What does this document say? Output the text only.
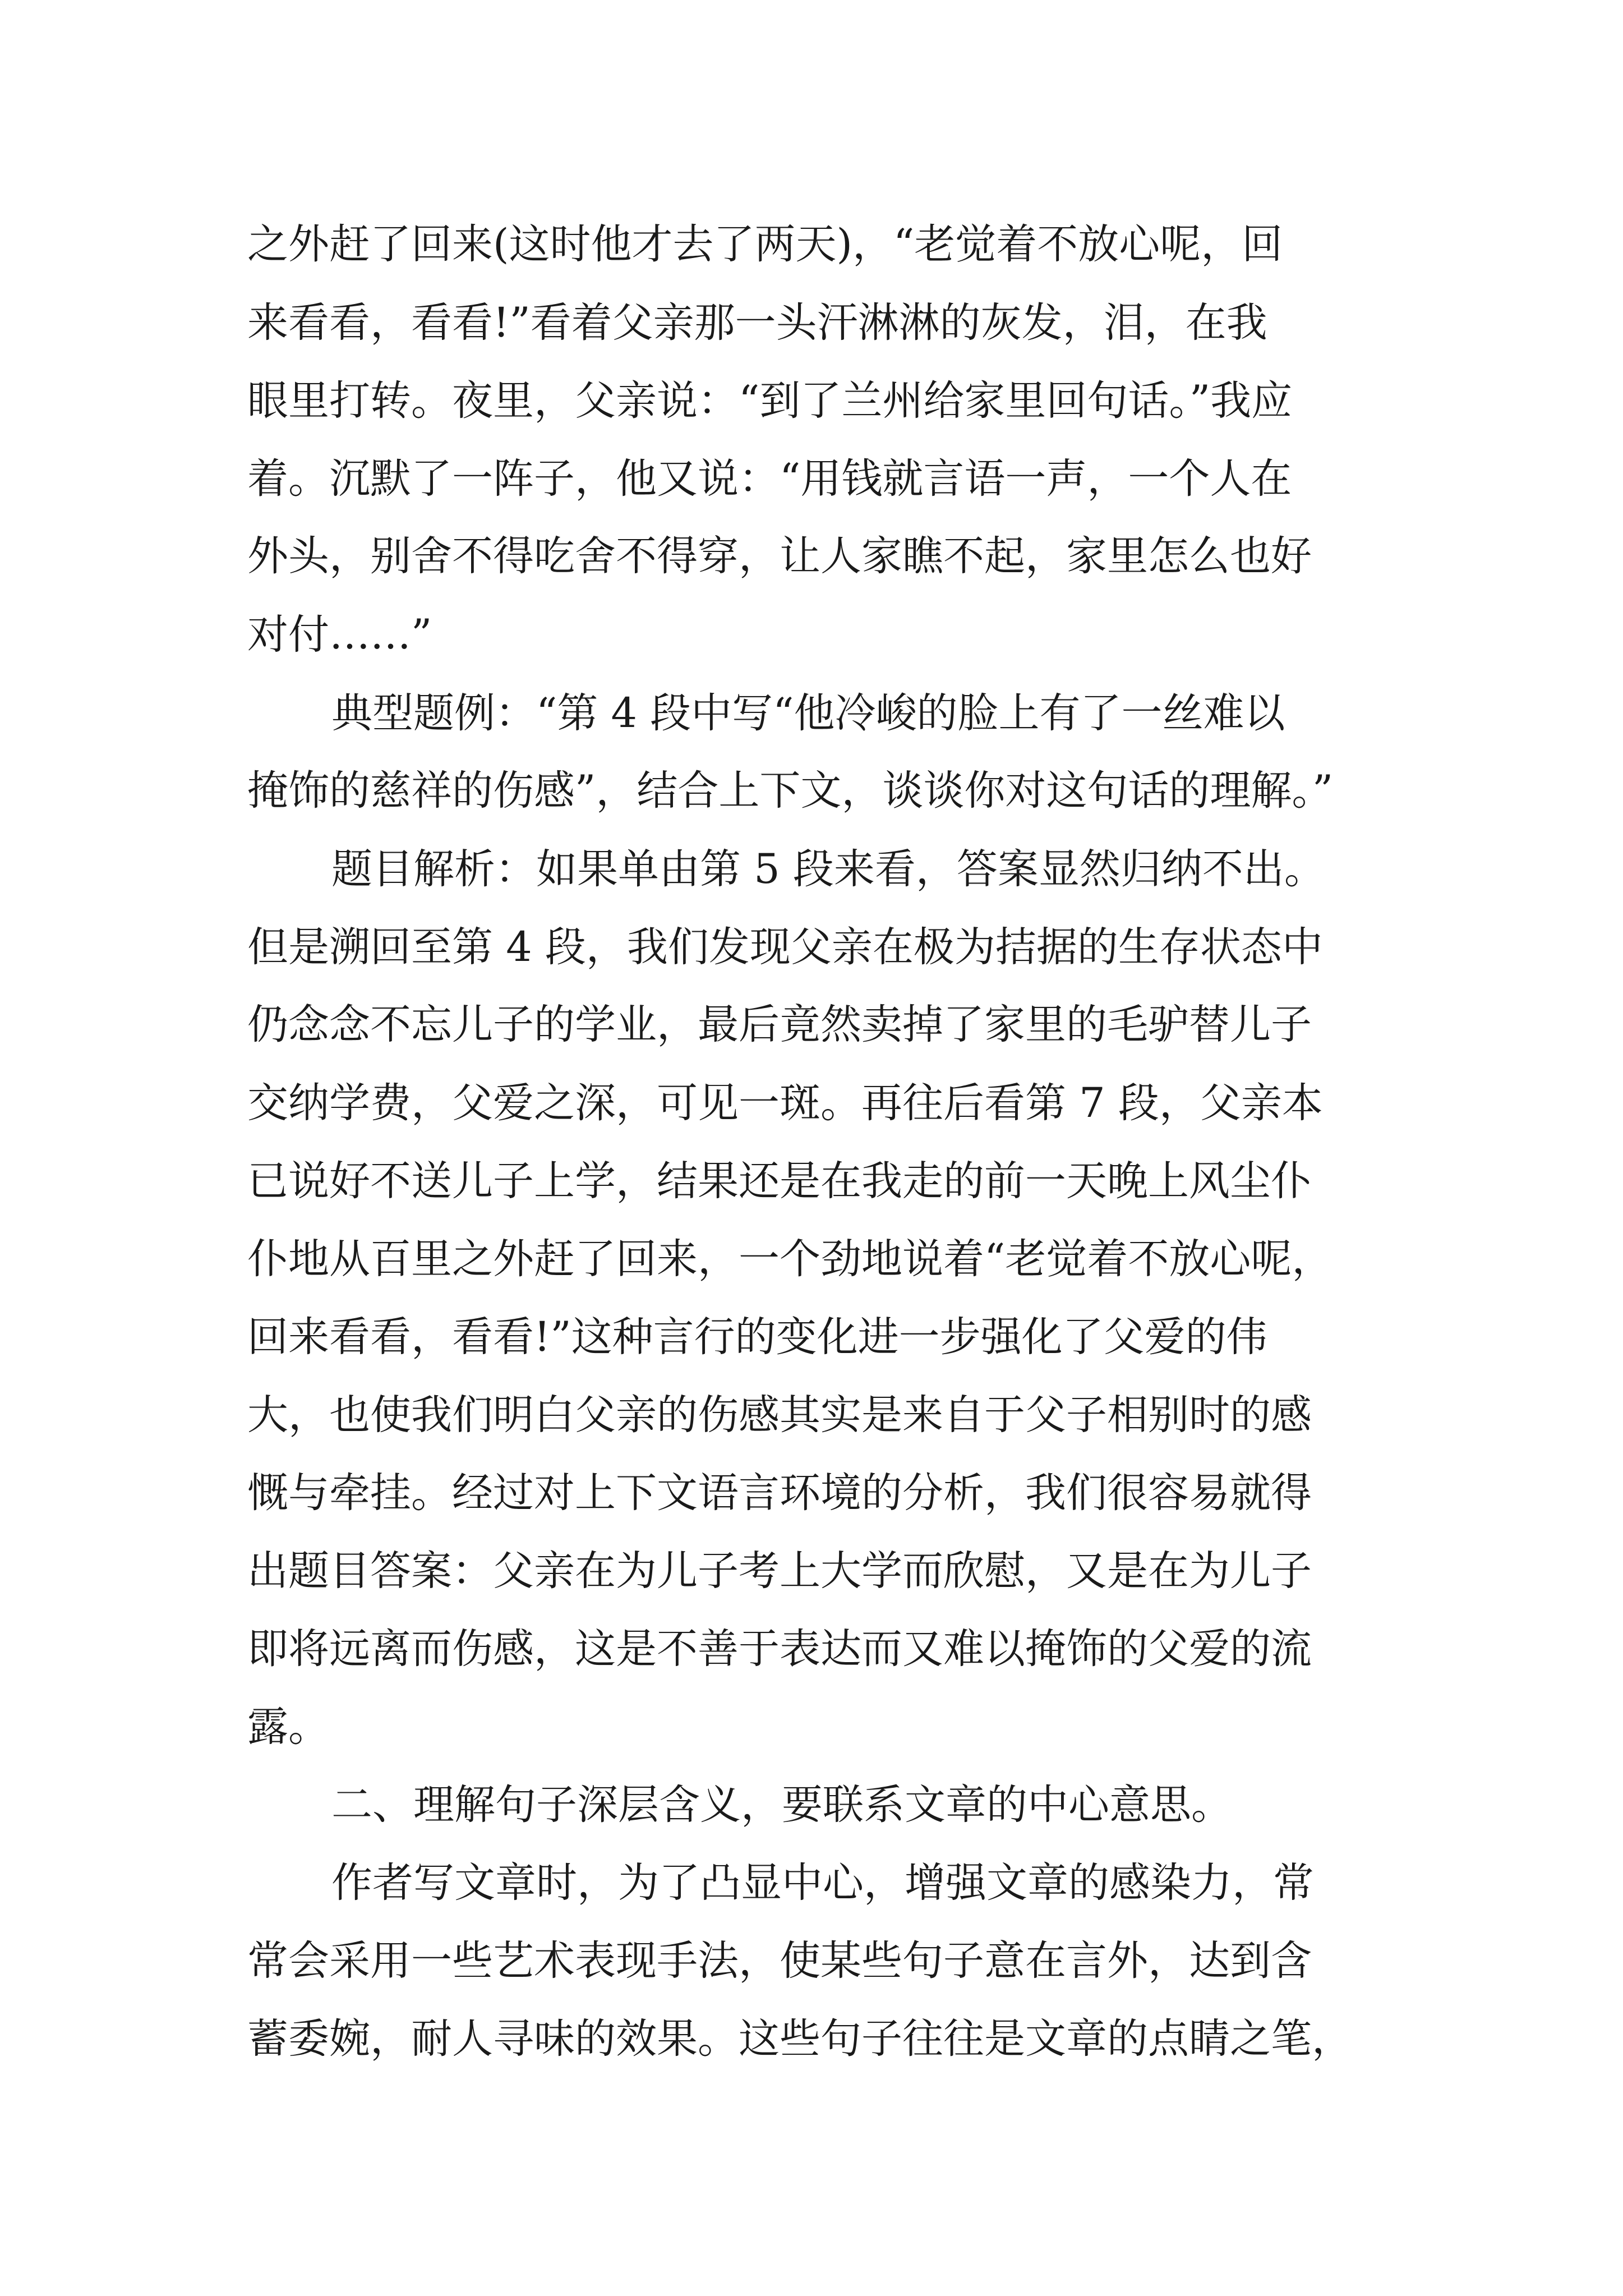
之外赶了回来(这时他才去了两天)，“老觉着不放心呢，回

来看看，看看!”看着父亲那一头汗淋淋的灰发，泪，在我

眼里打转。夜里，父亲说：“到了兰州给家里回句话。”我应

着。沉默了一阵子，他又说：“用钱就言语一声，一个人在

外头，别舍不得吃舍不得穿，让人家瞧不起，家里怎么也好

对付……”

典型题例：“第 4 段中写“他冷峻的脸上有了一丝难以

掩饰的慈祥的伤感”，结合上下文，谈谈你对这句话的理解。”

题目解析：如果单由第 5 段来看，答案显然归纳不出。

但是溯回至第 4 段，我们发现父亲在极为拮据的生存状态中

仍念念不忘儿子的学业，最后竟然卖掉了家里的毛驴替儿子

交纳学费，父爱之深，可见一斑。再往后看第 7 段，父亲本

已说好不送儿子上学，结果还是在我走的前一天晚上风尘仆

仆地从百里之外赶了回来，一个劲地说着“老觉着不放心呢，

回来看看，看看!”这种言行的变化进一步强化了父爱的伟

大，也使我们明白父亲的伤感其实是来自于父子相别时的感

慨与牵挂。经过对上下文语言环境的分析，我们很容易就得

出题目答案：父亲在为儿子考上大学而欣慰，又是在为儿子

即将远离而伤感，这是不善于表达而又难以掩饰的父爱的流

露。

二、理解句子深层含义，要联系文章的中心意思。

作者写文章时，为了凸显中心，增强文章的感染力，常

常会采用一些艺术表现手法，使某些句子意在言外，达到含

蓄委婉，耐人寻味的效果。这些句子往往是文章的点睛之笔，
